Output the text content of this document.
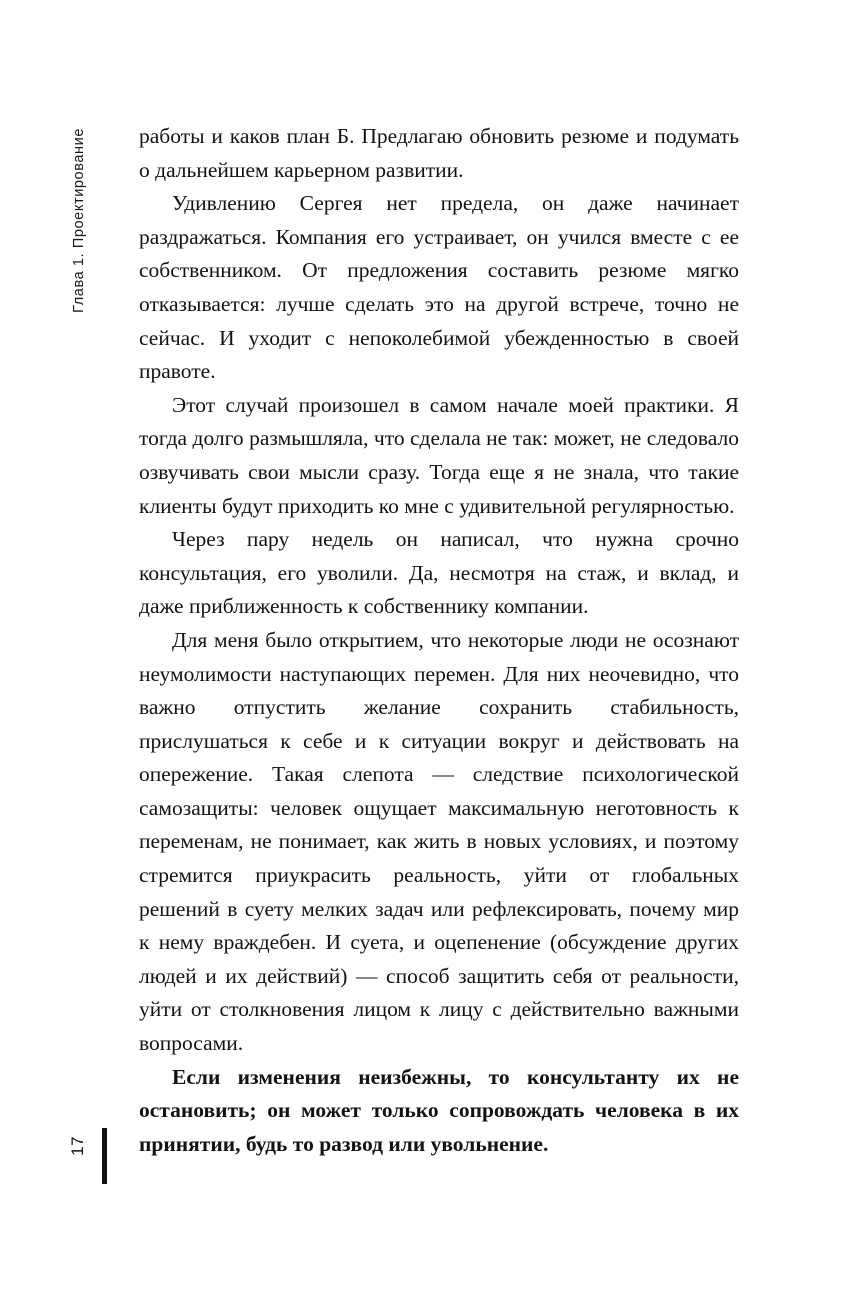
Глава 1. Проектирование работы и каков план Б. Предлагаю обновить резюме и подумать о дальнейшем карьерном развитии.

Удивлению Сергея нет предела, он даже начинает раздражаться. Компания его устраивает, он учился вместе с ее собственником. От предложения составить резюме мягко отказывается: лучше сделать это на другой встрече, точно не сейчас. И уходит с непоколебимой убежденностью в своей правоте.

Этот случай произошел в самом начале моей практики. Я тогда долго размышляла, что сделала не так: может, не следовало озвучивать свои мысли сразу. Тогда еще я не знала, что такие клиенты будут приходить ко мне с удивительной регулярностью.

Через пару недель он написал, что нужна срочно консультация, его уволили. Да, несмотря на стаж, и вклад, и даже приближенность к собственнику компании.

Для меня было открытием, что некоторые люди не осознают неумолимости наступающих перемен. Для них неочевидно, что важно отпустить желание сохранить стабильность, прислушаться к себе и к ситуации вокруг и действовать на опережение. Такая слепота — следствие психологической самозащиты: человек ощущает максимальную неготовность к переменам, не понимает, как жить в новых условиях, и поэтому стремится приукрасить реальность, уйти от глобальных решений в суету мелких задач или рефлексировать, почему мир к нему враждебен. И суета, и оцепенение (обсуждение других людей и их действий) — способ защитить себя от реальности, уйти от столкновения лицом к лицу с действительно важными вопросами.

Если изменения неизбежны, то консультанту их не остановить; он может только сопровождать человека в их принятии, будь то развод или увольнение.

17
